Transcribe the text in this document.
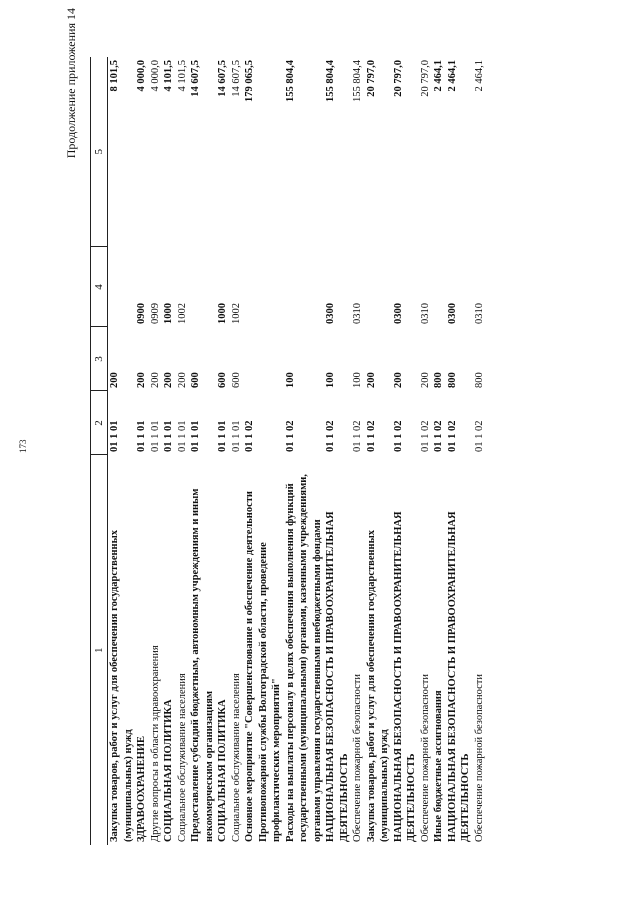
173
Продолжение приложения 14
1	2	3	4	5
Закупка товаров, работ и услуг для обеспечения государственных (муниципальных) нужд	01 1 01	200		8 101,5
ЗДРАВООХРАНЕНИЕ	01 1 01	200	0900	4 000,0
Другие вопросы в области здравоохранения	01 1 01	200	0909	4 000,0
СОЦИАЛЬНАЯ ПОЛИТИКА	01 1 01	200	1000	4 101,5
Социальное обслуживание населения	01 1 01	200	1002	4 101,5
Предоставление субсидий бюджетным, автономным учреждениям и иным некоммерческим организациям	01 1 01	600		14 607,5
СОЦИАЛЬНАЯ ПОЛИТИКА	01 1 01	600	1000	14 607,5
Социальное обслуживание населения	01 1 01	600	1002	14 607,5
Основное мероприятие "Совершенствование и обеспечение деятельности Противопожарной службы Волгоградской области, проведение профилактических мероприятий"	01 1 02			179 065,5
Расходы на выплаты персоналу в целях обеспечения выполнения функций государственными (муниципальными) органами, казенными учреждениями, органами управления государственными внебюджетными фондами	01 1 02	100		155 804,4
НАЦИОНАЛЬНАЯ БЕЗОПАСНОСТЬ И ПРАВООХРАНИТЕЛЬНАЯ ДЕЯТЕЛЬНОСТЬ	01 1 02	100	0300	155 804,4
Обеспечение пожарной безопасности	01 1 02	100	0310	155 804,4
Закупка товаров, работ и услуг для обеспечения государственных (муниципальных) нужд	01 1 02	200		20 797,0
НАЦИОНАЛЬНАЯ БЕЗОПАСНОСТЬ И ПРАВООХРАНИТЕЛЬНАЯ ДЕЯТЕЛЬНОСТЬ	01 1 02	200	0300	20 797,0
Обеспечение пожарной безопасности	01 1 02	200	0310	20 797,0
Иные бюджетные ассигнования	01 1 02	800		2 464,1
НАЦИОНАЛЬНАЯ БЕЗОПАСНОСТЬ И ПРАВООХРАНИТЕЛЬНАЯ ДЕЯТЕЛЬНОСТЬ	01 1 02	800	0300	2 464,1
Обеспечение пожарной безопасности	01 1 02	800	0310	2 464,1
